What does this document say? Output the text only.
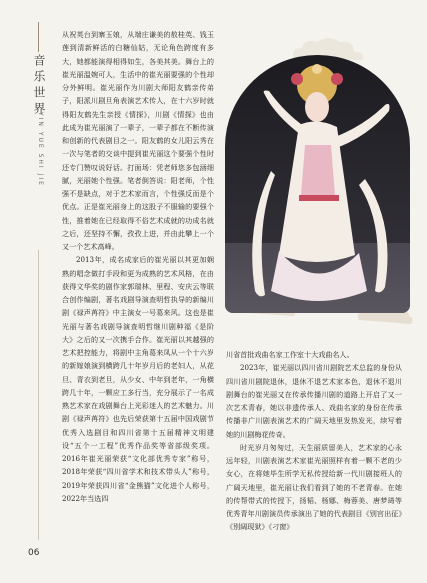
音乐世界
YIN YUE SHI JIE
06

从祝英台到寨玉娘，从端庄谦美的敖桂英、钱玉莲到清新鲜活的白糖仙姑，无论角色跨度有多大，她都能演得相得如生，各美其美。舞台上的崔光丽温婉可人，生活中的崔光丽要强的个性却分外鲜明。崔光丽作为川剧大师阳友鹤亲传弟子，阳派川剧旦角表演艺术传人，在十六岁时就得阳友鹤先生亲授《情探》，川剧《情探》也由此成为崔光丽演了一辈子，一辈子都在不断传演和创新的代表剧目之一。阳友鹤的女儿阳云秀在一次与笔者的交谈中提到崔光丽这个要强个性时还专门赞叹说好话。打面场：凭老师您多包涵细腻，光丽她个性强。笔者倒答说：阳老师，个性强不是缺点，对于艺术家而言，个性强反而是个优点。正是崔光丽身上的这股子不服输的要强个性，推着她在已经取得不俗艺术成就的功成名就之后，还坚持不懈，孜孜上进，并由此攀上一个又一个艺术高峰。

2013年，成名成家后的崔光丽以其更加娴熟的唱念做打手段和更为成熟的艺术风格，在由获得文华奖的剧作家郭瑞林、里程、安庆云等联合创作编剧，著名戏剧导演查明哲执导的新编川剧《禄声苒符》中主演女一号葛来风。这也是崔光丽与著名戏剧导演查明哲继川剧种福《是阶大》之后的又一次携手合作。崔光丽以其越强的艺术把控能力，将剧中主角葛来凤从一个十六岁的新嫁娘演到横跨几十年岁月后的老妇人，从花旦、青衣到老旦，从少女、中年到老年，一角横跨几十年，一颗应工多行当，充分展示了一名成熟艺术家在戏剧舞台上光彩迷人的艺术魅力。川剧《禄声苒符》也先后荣获第十五届中国戏剧节优秀入选剧目和四川省第十五届精神文明建设“五个一工程”优秀作品奖等省部级奖项。2016年崔光丽荣获“文化部优秀专家”称号，2018年荣获“四川省学术和技术带头人”称号，2019年荣获四川省“金熊猫”文化进个人称号，2022年当选四

川省首批戏曲名家工作室十大戏曲名人。

2023年，崔光丽以四川省川剧院艺术总监的身份从四川省川剧院退休，退休不退艺术家本色，退休不退川剧舞台的崔光丽又在传承传播川剧的道路上开启了又一次艺术青春，她以非遗传承人、戏曲名家的身份在传承传播非广川剧表演艺术的广阔天地里发热发光，续写着她的川剧梅花传奇。

时光岁月匆匆过，天生丽质留美人，艺术家的心永远年轻，川剧表演艺术家崔光丽照样有着一颗不老的少女心，在将她毕生所学无私传授给新一代川剧接班人的广阔天地里，崔光丽让我们看到了她的不老青春。在她的传帮带式的传授下，扬韬、杨娜、梅蓉美、唐梦琦等优秀青年川剧演员传承演出了她的代表剧目《别宫出征》《别阔现狱》《刁窗》
